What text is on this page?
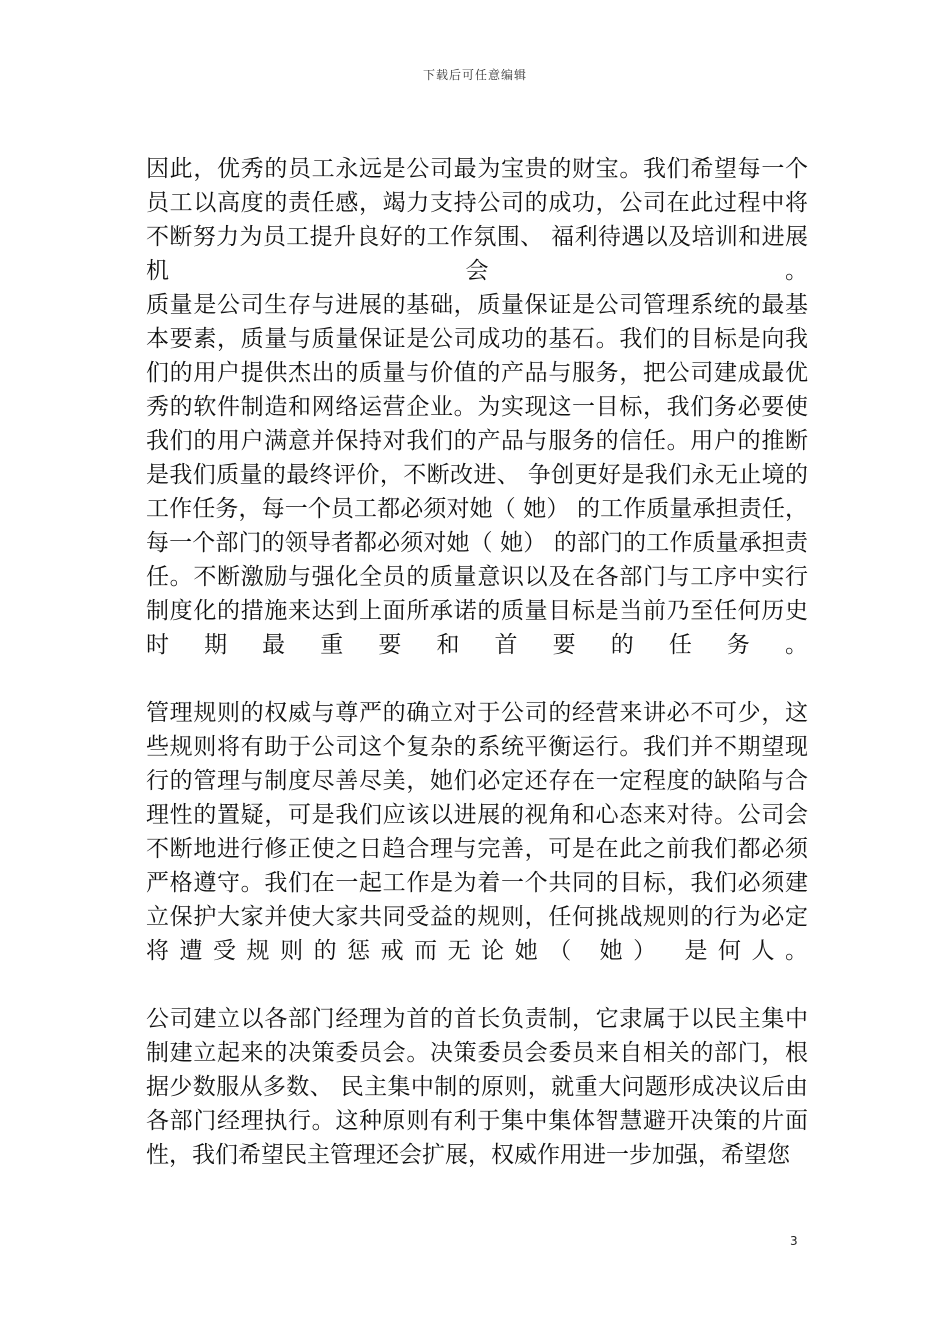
下载后可任意编辑
因此，优秀的员工永远是公司最为宝贵的财宝。我们希望每一个
员工以高度的责任感，竭力支持公司的成功，公司在此过程中将
不断努力为员工提升良好的工作氛围、 福利待遇以及培训和进展
机会。
质量是公司生存与进展的基础，质量保证是公司管理系统的最基
本要素，质量与质量保证是公司成功的基石。我们的目标是向我
们的用户提供杰出的质量与价值的产品与服务，把公司建成最优
秀的软件制造和网络运营企业。为实现这一目标，我们务必要使
我们的用户满意并保持对我们的产品与服务的信任。用户的推断
是我们质量的最终评价，不断改进、 争创更好是我们永无止境的
工作任务，每一个员工都必须对她（ 她） 的工作质量承担责任，
每一个部门的领导者都必须对她（ 她） 的部门的工作质量承担责
任。不断激励与强化全员的质量意识以及在各部门与工序中实行
制度化的措施来达到上面所承诺的质量目标是当前乃至任何历史
时期最重要和首要的任务。
管理规则的权威与尊严的确立对于公司的经营来讲必不可少，这
些规则将有助于公司这个复杂的系统平衡运行。我们并不期望现
行的管理与制度尽善尽美，她们必定还存在一定程度的缺陷与合
理性的置疑，可是我们应该以进展的视角和心态来对待。公司会
不断地进行修正使之日趋合理与完善，可是在此之前我们都必须
严格遵守。我们在一起工作是为着一个共同的目标，我们必须建
立保护大家并使大家共同受益的规则，任何挑战规则的行为必定
将遭受规则的惩戒而无论她（ 她） 是何人。
公司建立以各部门经理为首的首长负责制，它隶属于以民主集中
制建立起来的决策委员会。决策委员会委员来自相关的部门，根
据少数服从多数、 民主集中制的原则，就重大问题形成决议后由
各部门经理执行。这种原则有利于集中集体智慧避开决策的片面
性，我们希望民主管理还会扩展，权威作用进一步加强，希望您
3
